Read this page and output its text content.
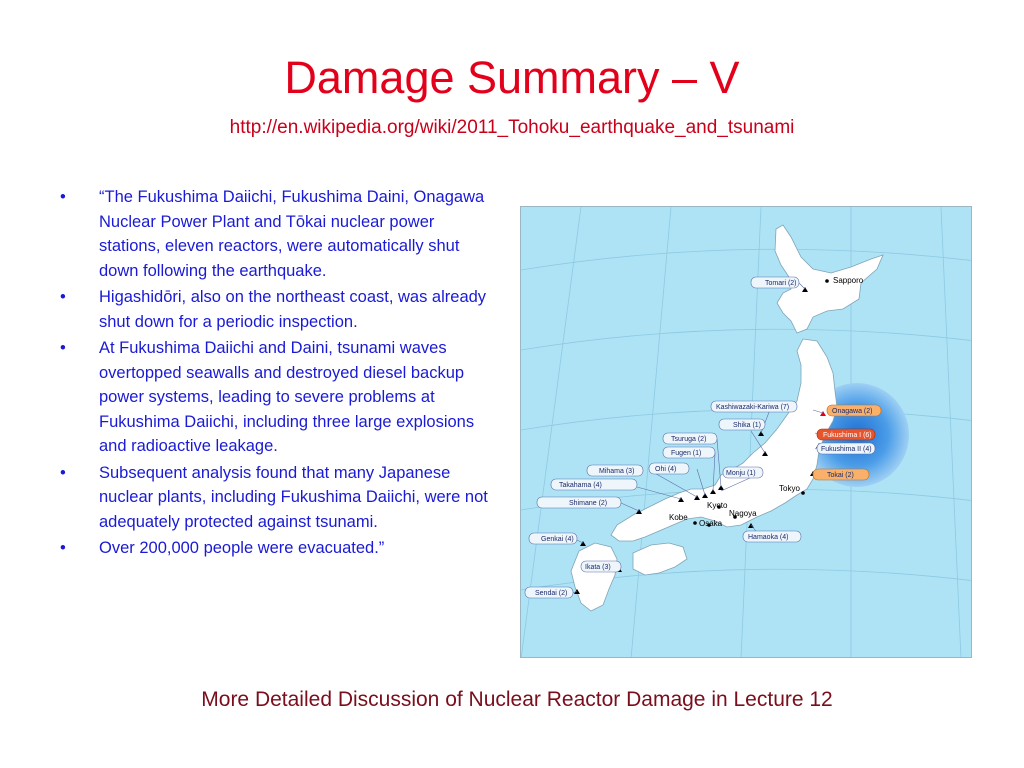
Damage Summary – V
http://en.wikipedia.org/wiki/2011_Tohoku_earthquake_and_tsunami
• “The Fukushima Daiichi, Fukushima Daini, Onagawa Nuclear Power Plant and Tōkai nuclear power stations, eleven reactors, were automatically shut down following the earthquake.
• Higashidōri, also on the northeast coast, was already shut down for a periodic inspection.
• At Fukushima Daiichi and Daini, tsunami waves overtopped seawalls and destroyed diesel backup power systems, leading to severe problems at Fukushima Daiichi, including three large explosions and radioactive leakage.
• Subsequent analysis found that many Japanese nuclear plants, including Fukushima Daiichi, were not adequately protected against tsunami.
• Over 200,000 people were evacuated.”
Sapporo
Tokyo
Kyoto
Nagoya
Kobe
Osaka
Tomari (2)
Kashiwazaki-Kariwa (7)
Onagawa (2)
Fukushima I (6)
Fukushima II (4)
Tokai (2)
Shika (1)
Tsuruga (2)
Fugen (1)
Monju (1)
Ohi (4)
Mihama (3)
Takahama (4)
Shimane (2)
Hamaoka (4)
Genkai (4)
Ikata (3)
Sendai (2)
More Detailed Discussion of Nuclear Reactor Damage in Lecture 12
